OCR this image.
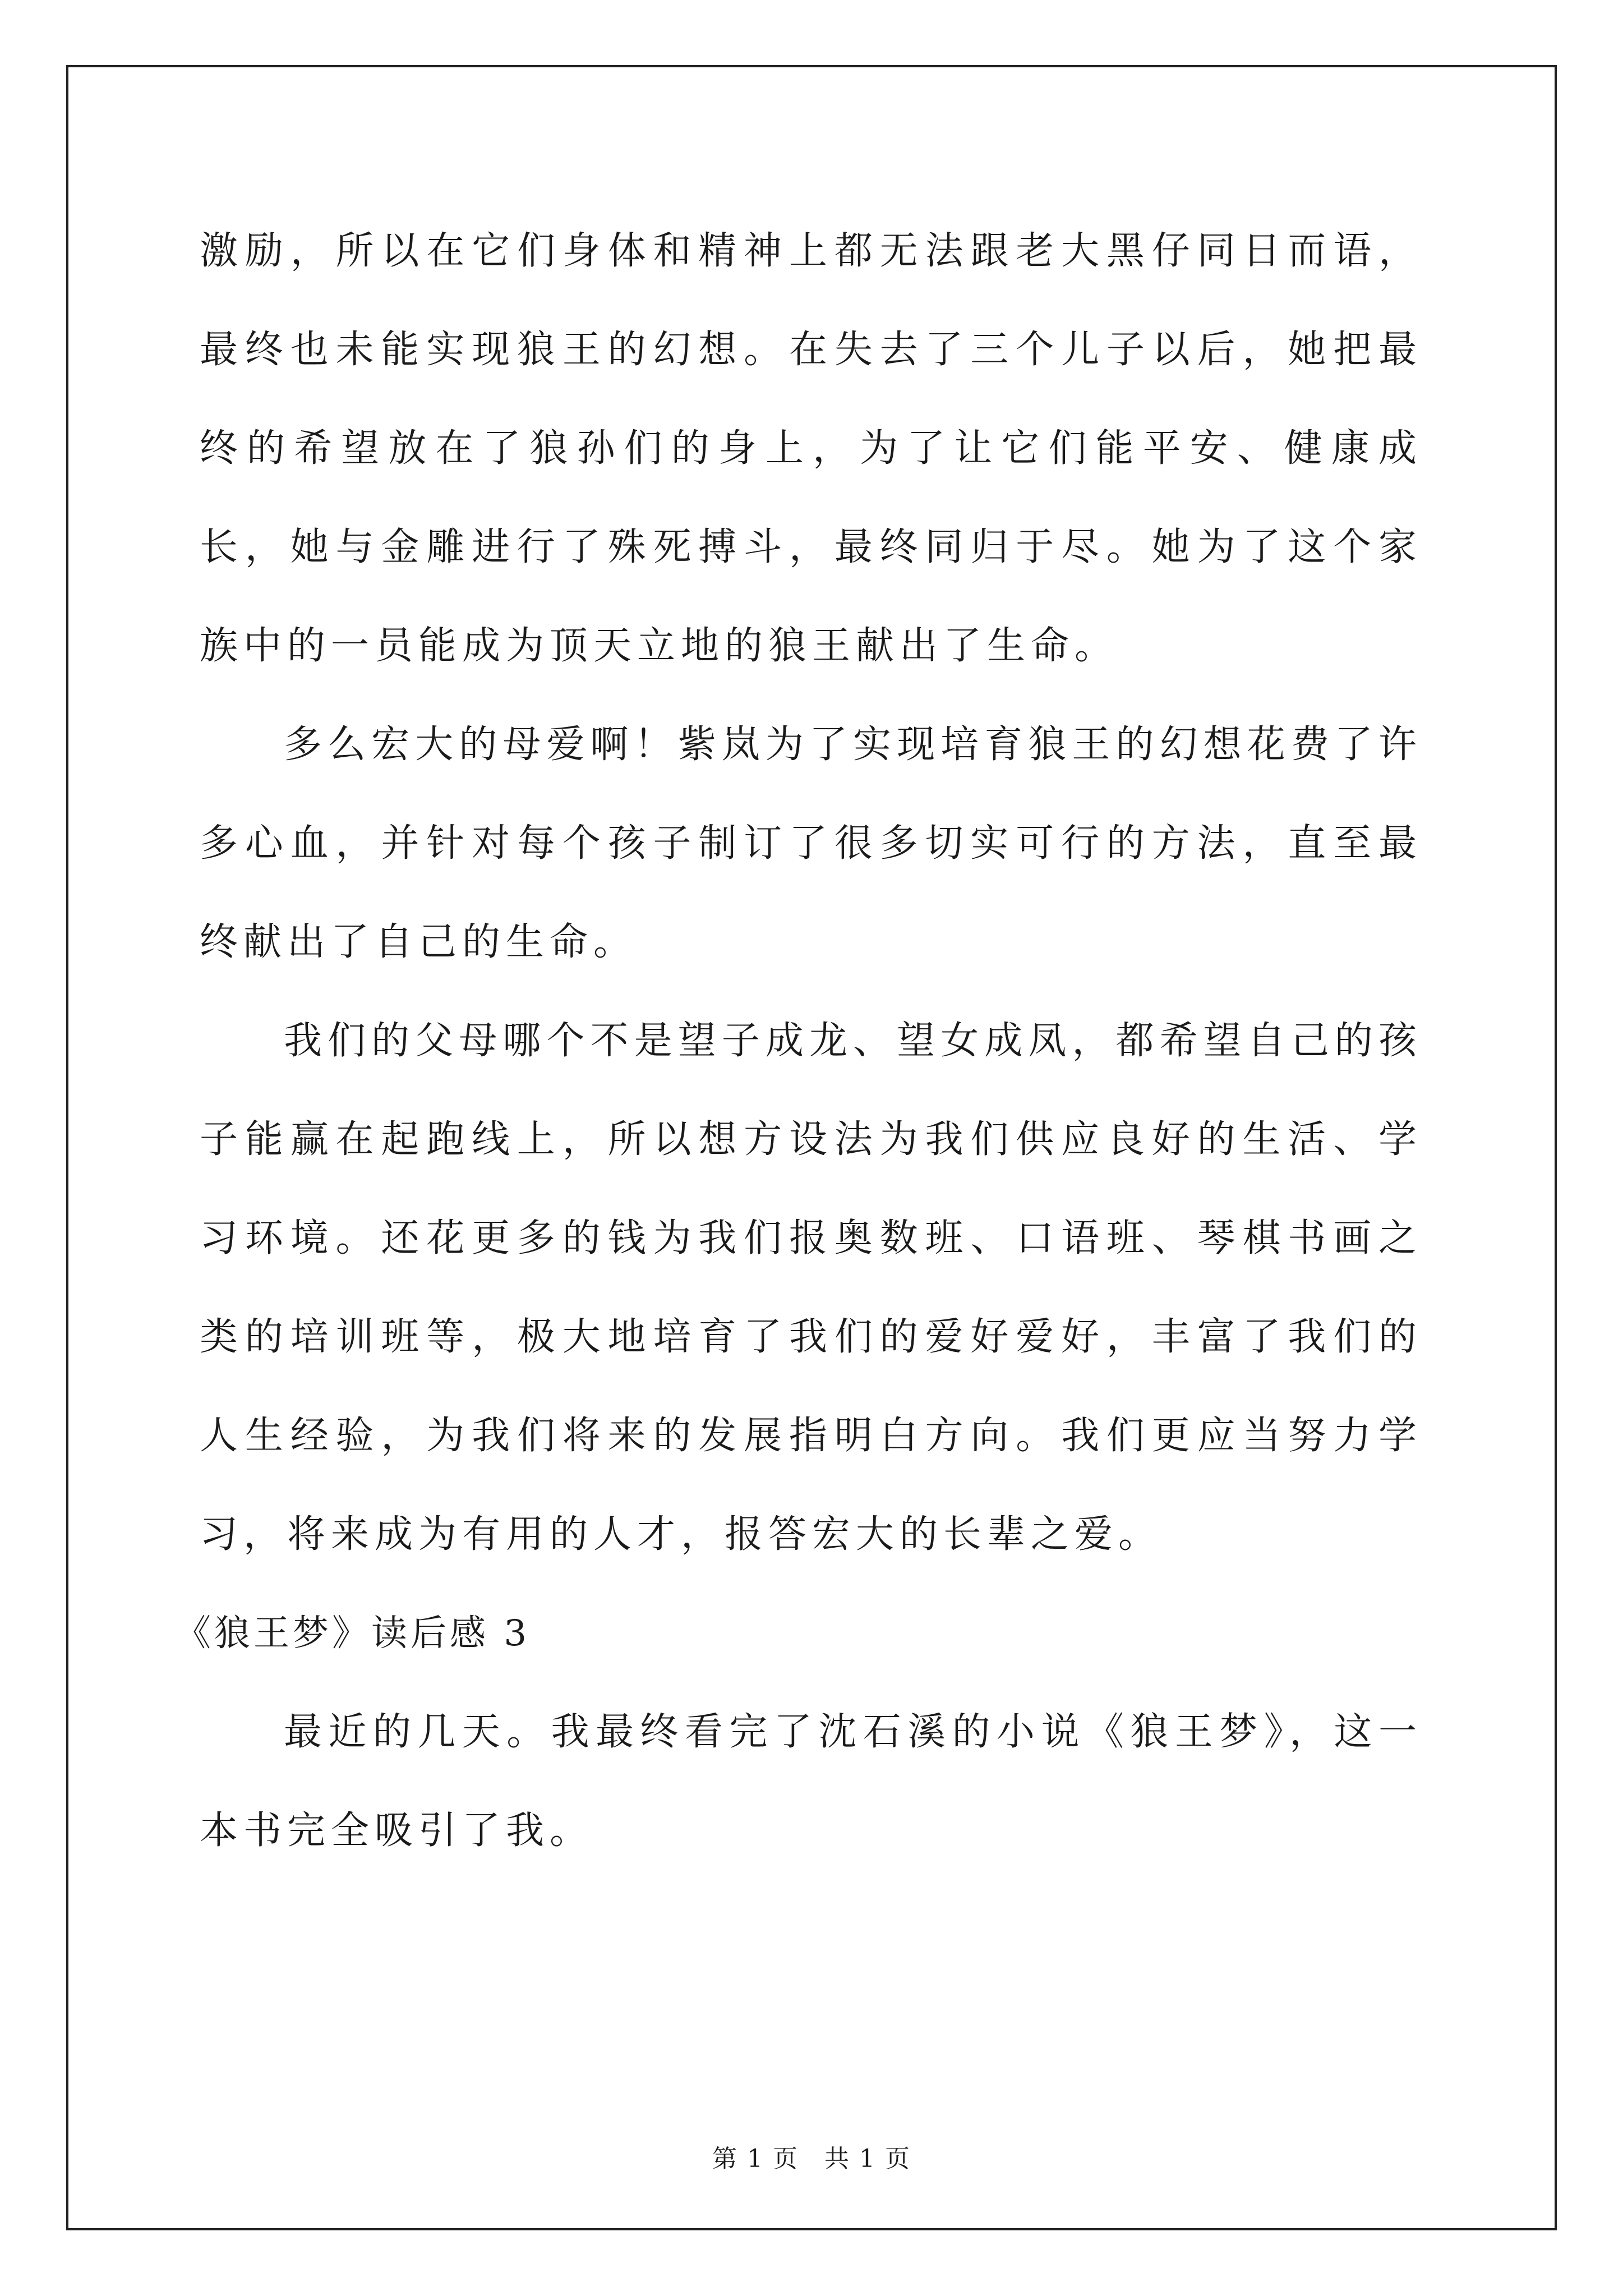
激励，所以在它们身体和精神上都无法跟老大黑仔同日而语，最终也未能实现狼王的幻想。在失去了三个儿子以后，她把最终的希望放在了狼孙们的身上，为了让它们能平安、健康成长，她与金雕进行了殊死搏斗，最终同归于尽。她为了这个家族中的一员能成为顶天立地的狼王献出了生命。

多么宏大的母爱啊！紫岚为了实现培育狼王的幻想花费了许多心血，并针对每个孩子制订了很多切实可行的方法，直至最终献出了自己的生命。

我们的父母哪个不是望子成龙、望女成凤，都希望自己的孩子能赢在起跑线上，所以想方设法为我们供应良好的生活、学习环境。还花更多的钱为我们报奥数班、口语班、琴棋书画之类的培训班等，极大地培育了我们的爱好爱好，丰富了我们的人生经验，为我们将来的发展指明白方向。我们更应当努力学习，将来成为有用的人才，报答宏大的长辈之爱。

《狼王梦》读后感 3

最近的几天。我最终看完了沈石溪的小说《狼王梦》，这一本书完全吸引了我。

第 1 页　共 1 页
